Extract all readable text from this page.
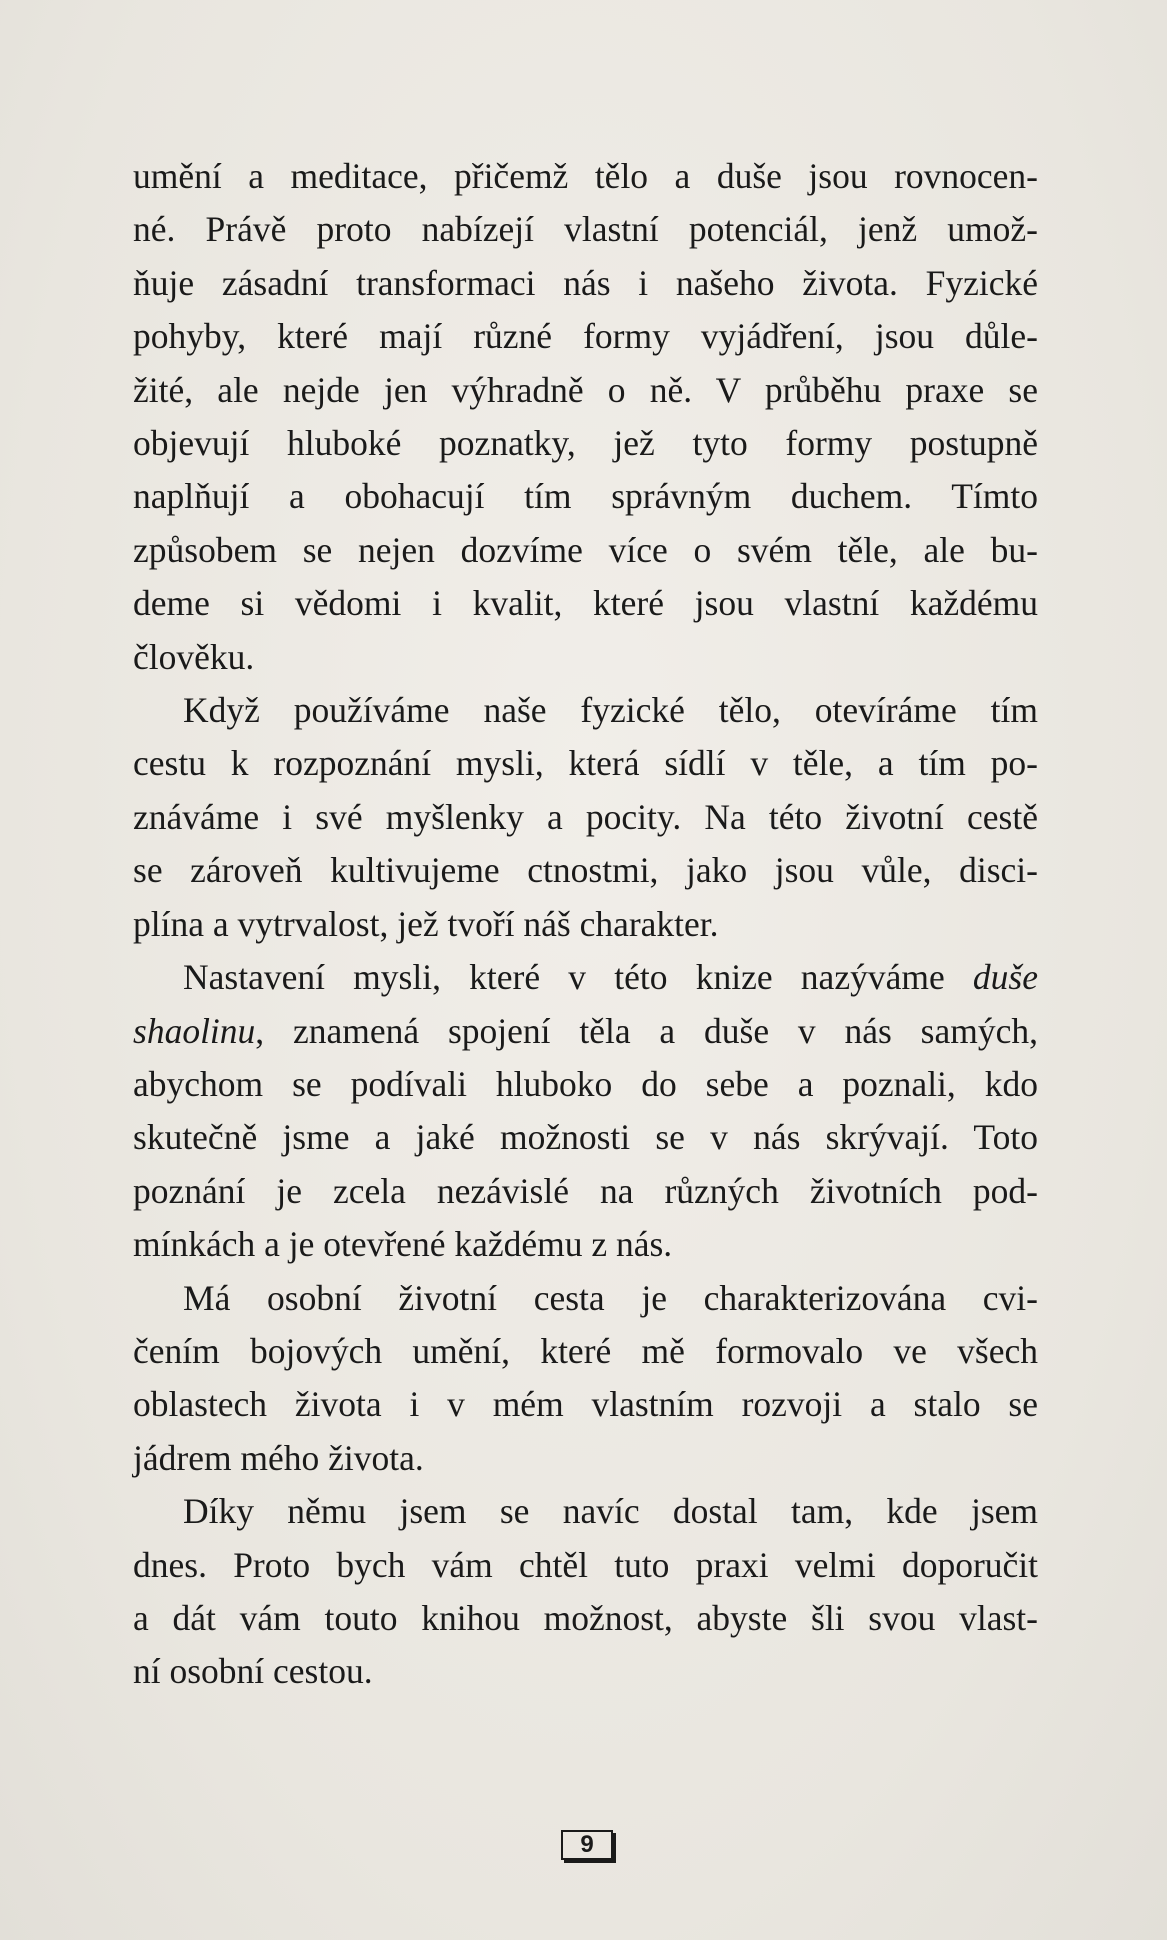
umění a meditace, přičemž tělo a duše jsou rovnocen-
né. Právě proto nabízejí vlastní potenciál, jenž umož-
ňuje zásadní transformaci nás i našeho života. Fyzické
pohyby, které mají různé formy vyjádření, jsou důle-
žité, ale nejde jen výhradně o ně. V průběhu praxe se
objevují hluboké poznatky, jež tyto formy postupně
naplňují a obohacují tím správným duchem. Tímto
způsobem se nejen dozvíme více o svém těle, ale bu-
deme si vědomi i kvalit, které jsou vlastní každému
člověku.

Když používáme naše fyzické tělo, otevíráme tím
cestu k rozpoznání mysli, která sídlí v těle, a tím po-
znáváme i své myšlenky a pocity. Na této životní cestě
se zároveň kultivujeme ctnostmi, jako jsou vůle, disci-
plína a vytrvalost, jež tvoří náš charakter.

Nastavení mysli, které v této knize nazýváme duše
shaolinu, znamená spojení těla a duše v nás samých,
abychom se podívali hluboko do sebe a poznali, kdo
skutečně jsme a jaké možnosti se v nás skrývají. Toto
poznání je zcela nezávislé na různých životních pod-
mínkách a je otevřené každému z nás.

Má osobní životní cesta je charakterizována cvi-
čením bojových umění, které mě formovalo ve všech
oblastech života i v mém vlastním rozvoji a stalo se
jádrem mého života.

Díky němu jsem se navíc dostal tam, kde jsem
dnes. Proto bych vám chtěl tuto praxi velmi doporučit
a dát vám touto knihou možnost, abyste šli svou vlast-
ní osobní cestou.

9
